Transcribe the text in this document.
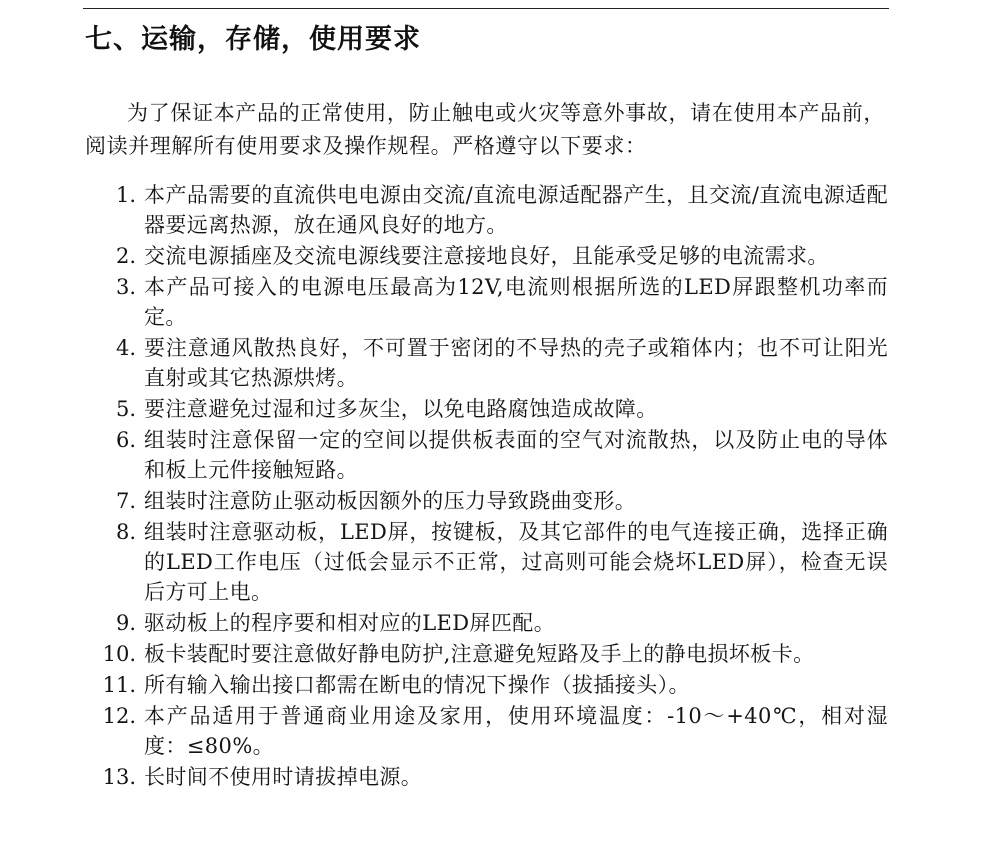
七、运输，存储，使用要求

为了保证本产品的正常使用，防止触电或火灾等意外事故，请在使用本产品前，阅读并理解所有使用要求及操作规程。严格遵守以下要求：

1. 本产品需要的直流供电电源由交流/直流电源适配器产生，且交流/直流电源适配器要远离热源，放在通风良好的地方。
2. 交流电源插座及交流电源线要注意接地良好，且能承受足够的电流需求。
3. 本产品可接入的电源电压最高为12V,电流则根据所选的LED屏跟整机功率而定。
4. 要注意通风散热良好，不可置于密闭的不导热的壳子或箱体内；也不可让阳光直射或其它热源烘烤。
5. 要注意避免过湿和过多灰尘，以免电路腐蚀造成故障。
6. 组装时注意保留一定的空间以提供板表面的空气对流散热，以及防止电的导体和板上元件接触短路。
7. 组装时注意防止驱动板因额外的压力导致跷曲变形。
8. 组装时注意驱动板，LED屏，按键板，及其它部件的电气连接正确，选择正确的LED工作电压（过低会显示不正常，过高则可能会烧坏LED屏），检查无误后方可上电。
9. 驱动板上的程序要和相对应的LED屏匹配。
10. 板卡装配时要注意做好静电防护,注意避免短路及手上的静电损坏板卡。
11. 所有输入输出接口都需在断电的情况下操作（拔插接头）。
12. 本产品适用于普通商业用途及家用，使用环境温度：-10～+40℃，相对湿度：≤80%。
13. 长时间不使用时请拔掉电源。
